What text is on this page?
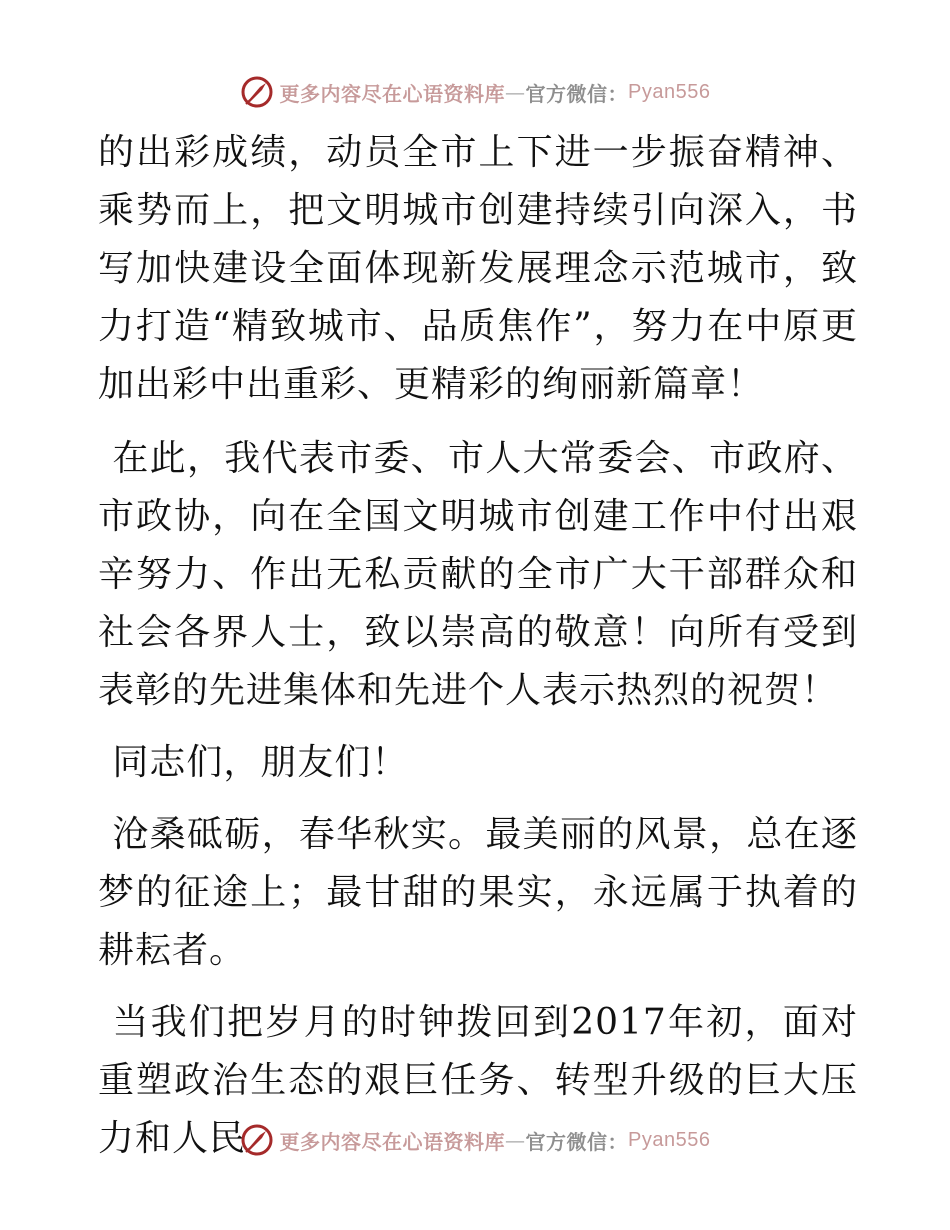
更多内容尽在心语资料库 — 官方微信： Pyan556

的出彩成绩，动员全市上下进一步振奋精神、乘势而上，把文明城市创建持续引向深入，书写加快建设全面体现新发展理念示范城市，致力打造“精致城市、品质焦作”，努力在中原更加出彩中出重彩、更精彩的绚丽新篇章！

在此，我代表市委、市人大常委会、市政府、市政协，向在全国文明城市创建工作中付出艰辛努力、作出无私贡献的全市广大干部群众和社会各界人士，致以崇高的敬意！向所有受到表彰的先进集体和先进个人表示热烈的祝贺！

同志们，朋友们！

沧桑砥砺，春华秋实。最美丽的风景，总在逐梦的征途上；最甘甜的果实，永远属于执着的耕耘者。

当我们把岁月的时钟拨回到2017年初，面对重塑政治生态的艰巨任务、转型升级的巨大压力和人民	更多内容尽在心语资料库 — 官方微信： Pyan556
